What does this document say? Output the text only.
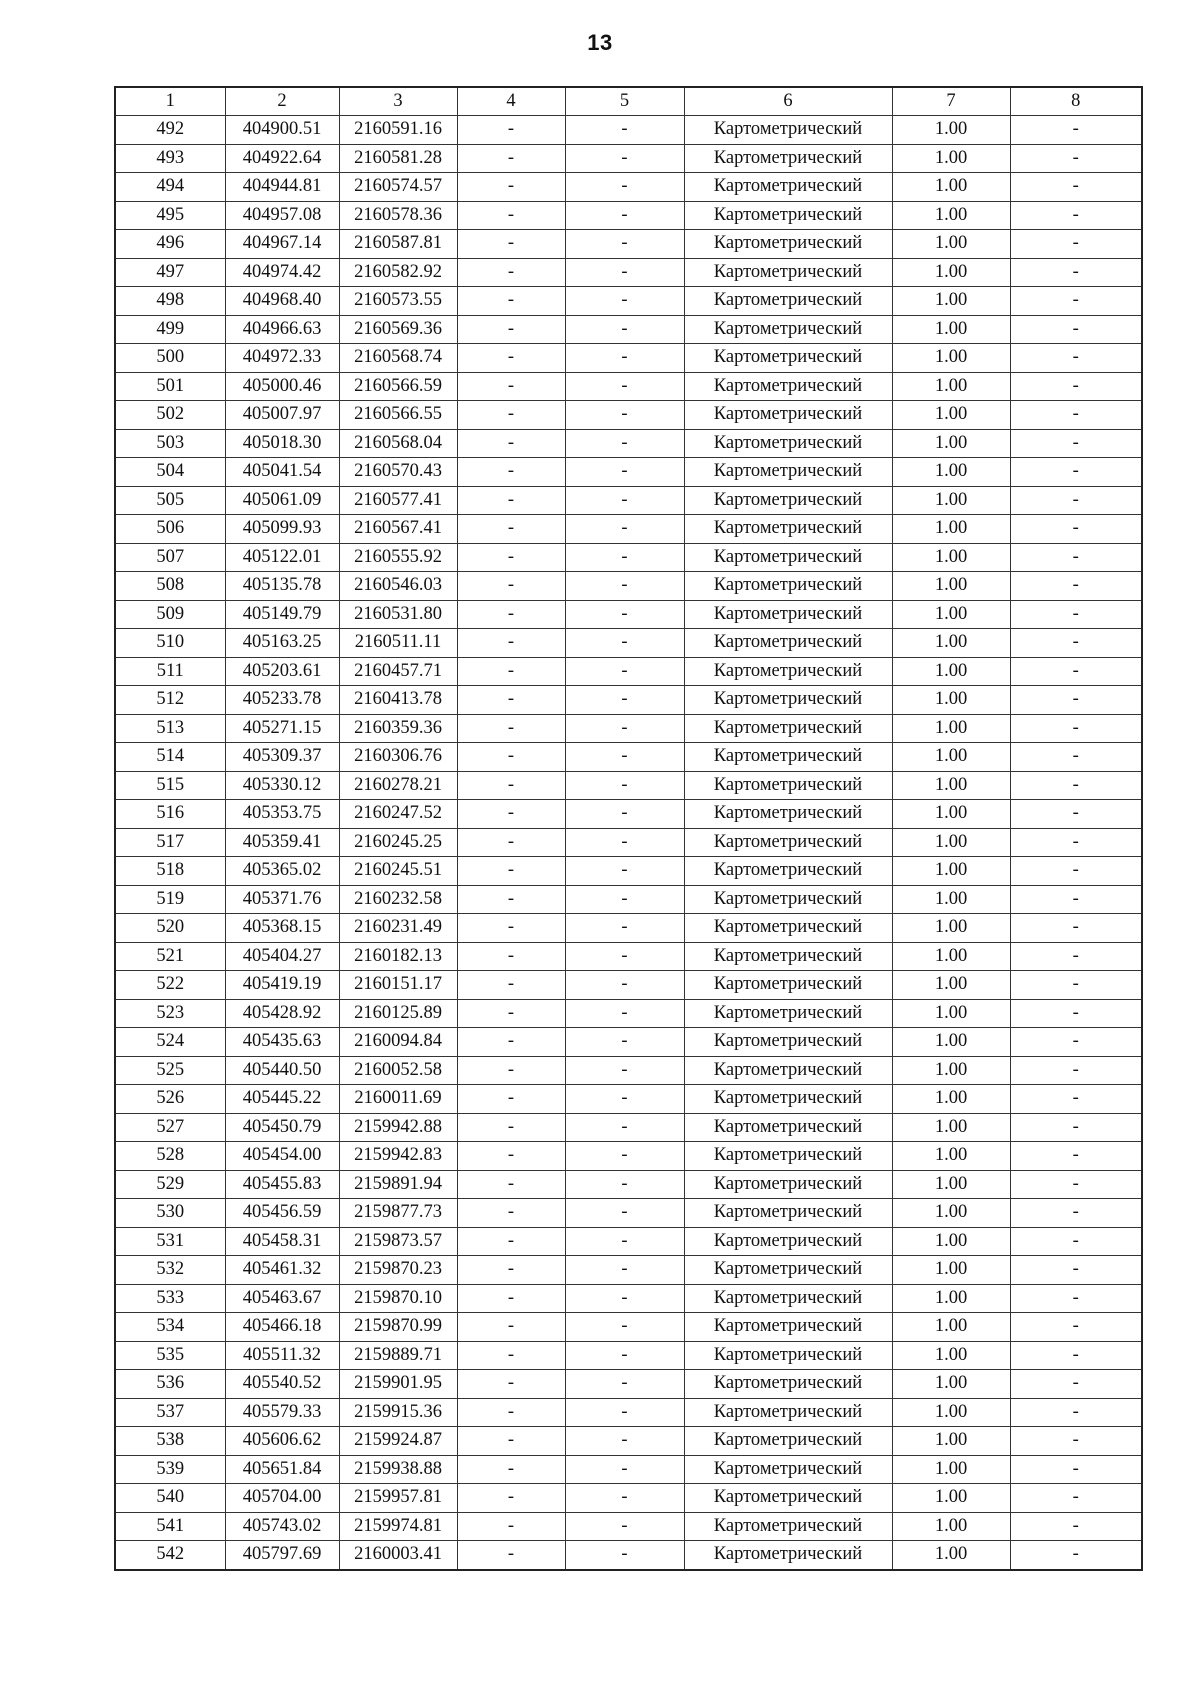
13
1	2	3	4	5	6	7	8
492	404900.51	2160591.16	-	-	Картометрический	1.00	-
493	404922.64	2160581.28	-	-	Картометрический	1.00	-
494	404944.81	2160574.57	-	-	Картометрический	1.00	-
495	404957.08	2160578.36	-	-	Картометрический	1.00	-
496	404967.14	2160587.81	-	-	Картометрический	1.00	-
497	404974.42	2160582.92	-	-	Картометрический	1.00	-
498	404968.40	2160573.55	-	-	Картометрический	1.00	-
499	404966.63	2160569.36	-	-	Картометрический	1.00	-
500	404972.33	2160568.74	-	-	Картометрический	1.00	-
501	405000.46	2160566.59	-	-	Картометрический	1.00	-
502	405007.97	2160566.55	-	-	Картометрический	1.00	-
503	405018.30	2160568.04	-	-	Картометрический	1.00	-
504	405041.54	2160570.43	-	-	Картометрический	1.00	-
505	405061.09	2160577.41	-	-	Картометрический	1.00	-
506	405099.93	2160567.41	-	-	Картометрический	1.00	-
507	405122.01	2160555.92	-	-	Картометрический	1.00	-
508	405135.78	2160546.03	-	-	Картометрический	1.00	-
509	405149.79	2160531.80	-	-	Картометрический	1.00	-
510	405163.25	2160511.11	-	-	Картометрический	1.00	-
511	405203.61	2160457.71	-	-	Картометрический	1.00	-
512	405233.78	2160413.78	-	-	Картометрический	1.00	-
513	405271.15	2160359.36	-	-	Картометрический	1.00	-
514	405309.37	2160306.76	-	-	Картометрический	1.00	-
515	405330.12	2160278.21	-	-	Картометрический	1.00	-
516	405353.75	2160247.52	-	-	Картометрический	1.00	-
517	405359.41	2160245.25	-	-	Картометрический	1.00	-
518	405365.02	2160245.51	-	-	Картометрический	1.00	-
519	405371.76	2160232.58	-	-	Картометрический	1.00	-
520	405368.15	2160231.49	-	-	Картометрический	1.00	-
521	405404.27	2160182.13	-	-	Картометрический	1.00	-
522	405419.19	2160151.17	-	-	Картометрический	1.00	-
523	405428.92	2160125.89	-	-	Картометрический	1.00	-
524	405435.63	2160094.84	-	-	Картометрический	1.00	-
525	405440.50	2160052.58	-	-	Картометрический	1.00	-
526	405445.22	2160011.69	-	-	Картометрический	1.00	-
527	405450.79	2159942.88	-	-	Картометрический	1.00	-
528	405454.00	2159942.83	-	-	Картометрический	1.00	-
529	405455.83	2159891.94	-	-	Картометрический	1.00	-
530	405456.59	2159877.73	-	-	Картометрический	1.00	-
531	405458.31	2159873.57	-	-	Картометрический	1.00	-
532	405461.32	2159870.23	-	-	Картометрический	1.00	-
533	405463.67	2159870.10	-	-	Картометрический	1.00	-
534	405466.18	2159870.99	-	-	Картометрический	1.00	-
535	405511.32	2159889.71	-	-	Картометрический	1.00	-
536	405540.52	2159901.95	-	-	Картометрический	1.00	-
537	405579.33	2159915.36	-	-	Картометрический	1.00	-
538	405606.62	2159924.87	-	-	Картометрический	1.00	-
539	405651.84	2159938.88	-	-	Картометрический	1.00	-
540	405704.00	2159957.81	-	-	Картометрический	1.00	-
541	405743.02	2159974.81	-	-	Картометрический	1.00	-
542	405797.69	2160003.41	-	-	Картометрический	1.00	-
